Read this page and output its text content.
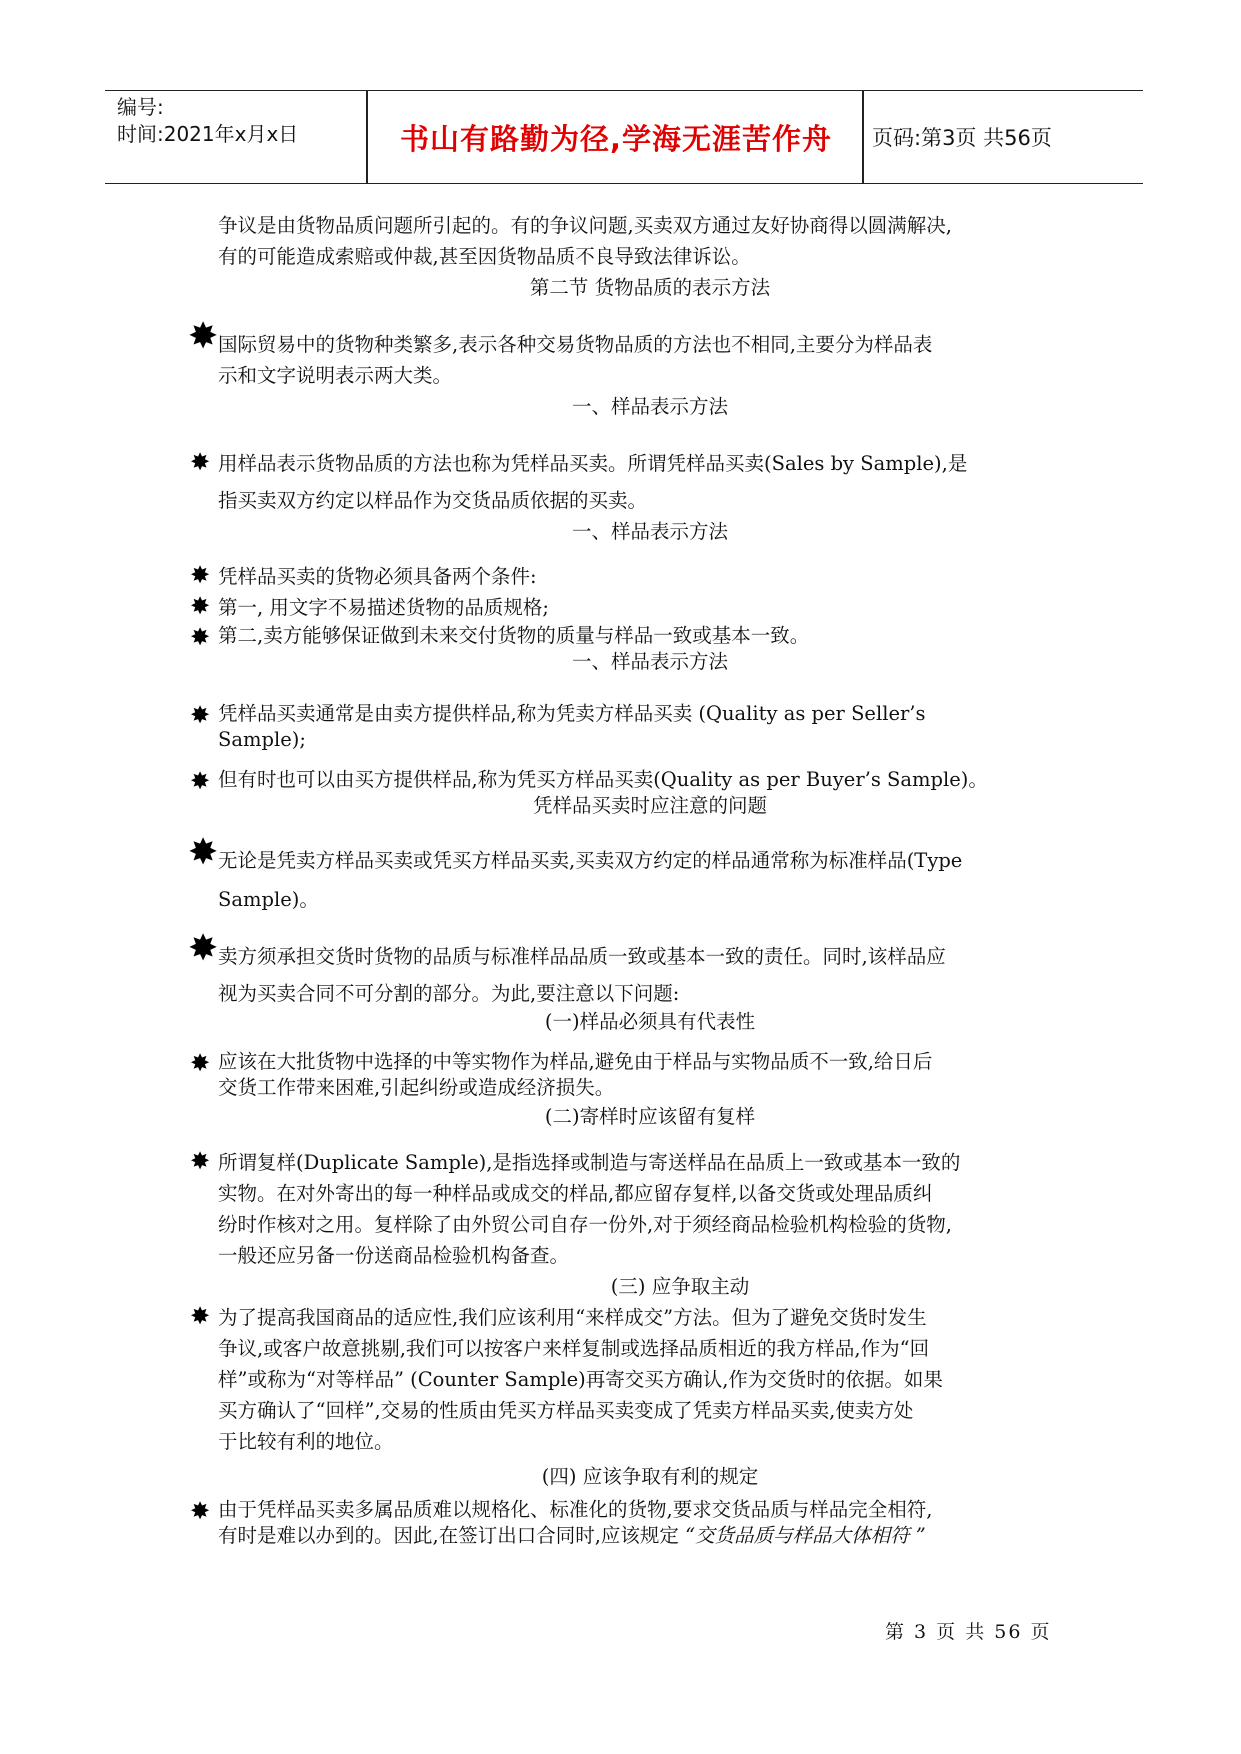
编号:
时间:2021年x月x日	书山有路勤为径,学海无涯苦作舟	页码:第3页 共56页

争议是由货物品质问题所引起的。有的争议问题,买卖双方通过友好协商得以圆满解决,

有的可能造成索赔或仲裁,甚至因货物品质不良导致法律诉讼。

第二节 货物品质的表示方法

✸ 国际贸易中的货物种类繁多,表示各种交易货物品质的方法也不相同,主要分为样品表

示和文字说明表示两大类。

一、样品表示方法

✸ 用样品表示货物品质的方法也称为凭样品买卖。所谓凭样品买卖(Sales by Sample),是

指买卖双方约定以样品作为交货品质依据的买卖。

一、样品表示方法

✸ 凭样品买卖的货物必须具备两个条件:

✸ 第一, 用文字不易描述货物的品质规格;

✸ 第二,卖方能够保证做到未来交付货物的质量与样品一致或基本一致。

一、样品表示方法

✸ 凭样品买卖通常是由卖方提供样品,称为凭卖方样品买卖 (Quality as per Seller’s

Sample);

✸ 但有时也可以由买方提供样品,称为凭买方样品买卖(Quality as per Buyer’s Sample)。

凭样品买卖时应注意的问题

✸ 无论是凭卖方样品买卖或凭买方样品买卖,买卖双方约定的样品通常称为标准样品(Type

Sample)。

✸ 卖方须承担交货时货物的品质与标准样品品质一致或基本一致的责任。同时,该样品应

视为买卖合同不可分割的部分。为此,要注意以下问题:

(一)样品必须具有代表性

✸ 应该在大批货物中选择的中等实物作为样品,避免由于样品与实物品质不一致,给日后

交货工作带来困难,引起纠纷或造成经济损失。

(二)寄样时应该留有复样

✸ 所谓复样(Duplicate Sample),是指选择或制造与寄送样品在品质上一致或基本一致的

实物。在对外寄出的每一种样品或成交的样品,都应留存复样,以备交货或处理品质纠

纷时作核对之用。复样除了由外贸公司自存一份外,对于须经商品检验机构检验的货物,

一般还应另备一份送商品检验机构备查。

(三) 应争取主动

✸ 为了提高我国商品的适应性,我们应该利用“来样成交”方法。但为了避免交货时发生

争议,或客户故意挑剔,我们可以按客户来样复制或选择品质相近的我方样品,作为“回

样”或称为“对等样品” (Counter Sample)再寄交买方确认,作为交货时的依据。如果

买方确认了“回样”,交易的性质由凭买方样品买卖变成了凭卖方样品买卖,使卖方处

于比较有利的地位。

(四) 应该争取有利的规定

✸ 由于凭样品买卖多属品质难以规格化、标准化的货物,要求交货品质与样品完全相符,

有时是难以办到的。因此,在签订出口合同时,应该规定 “交货品质与样品大体相符 ”

第 3 页 共 56 页
